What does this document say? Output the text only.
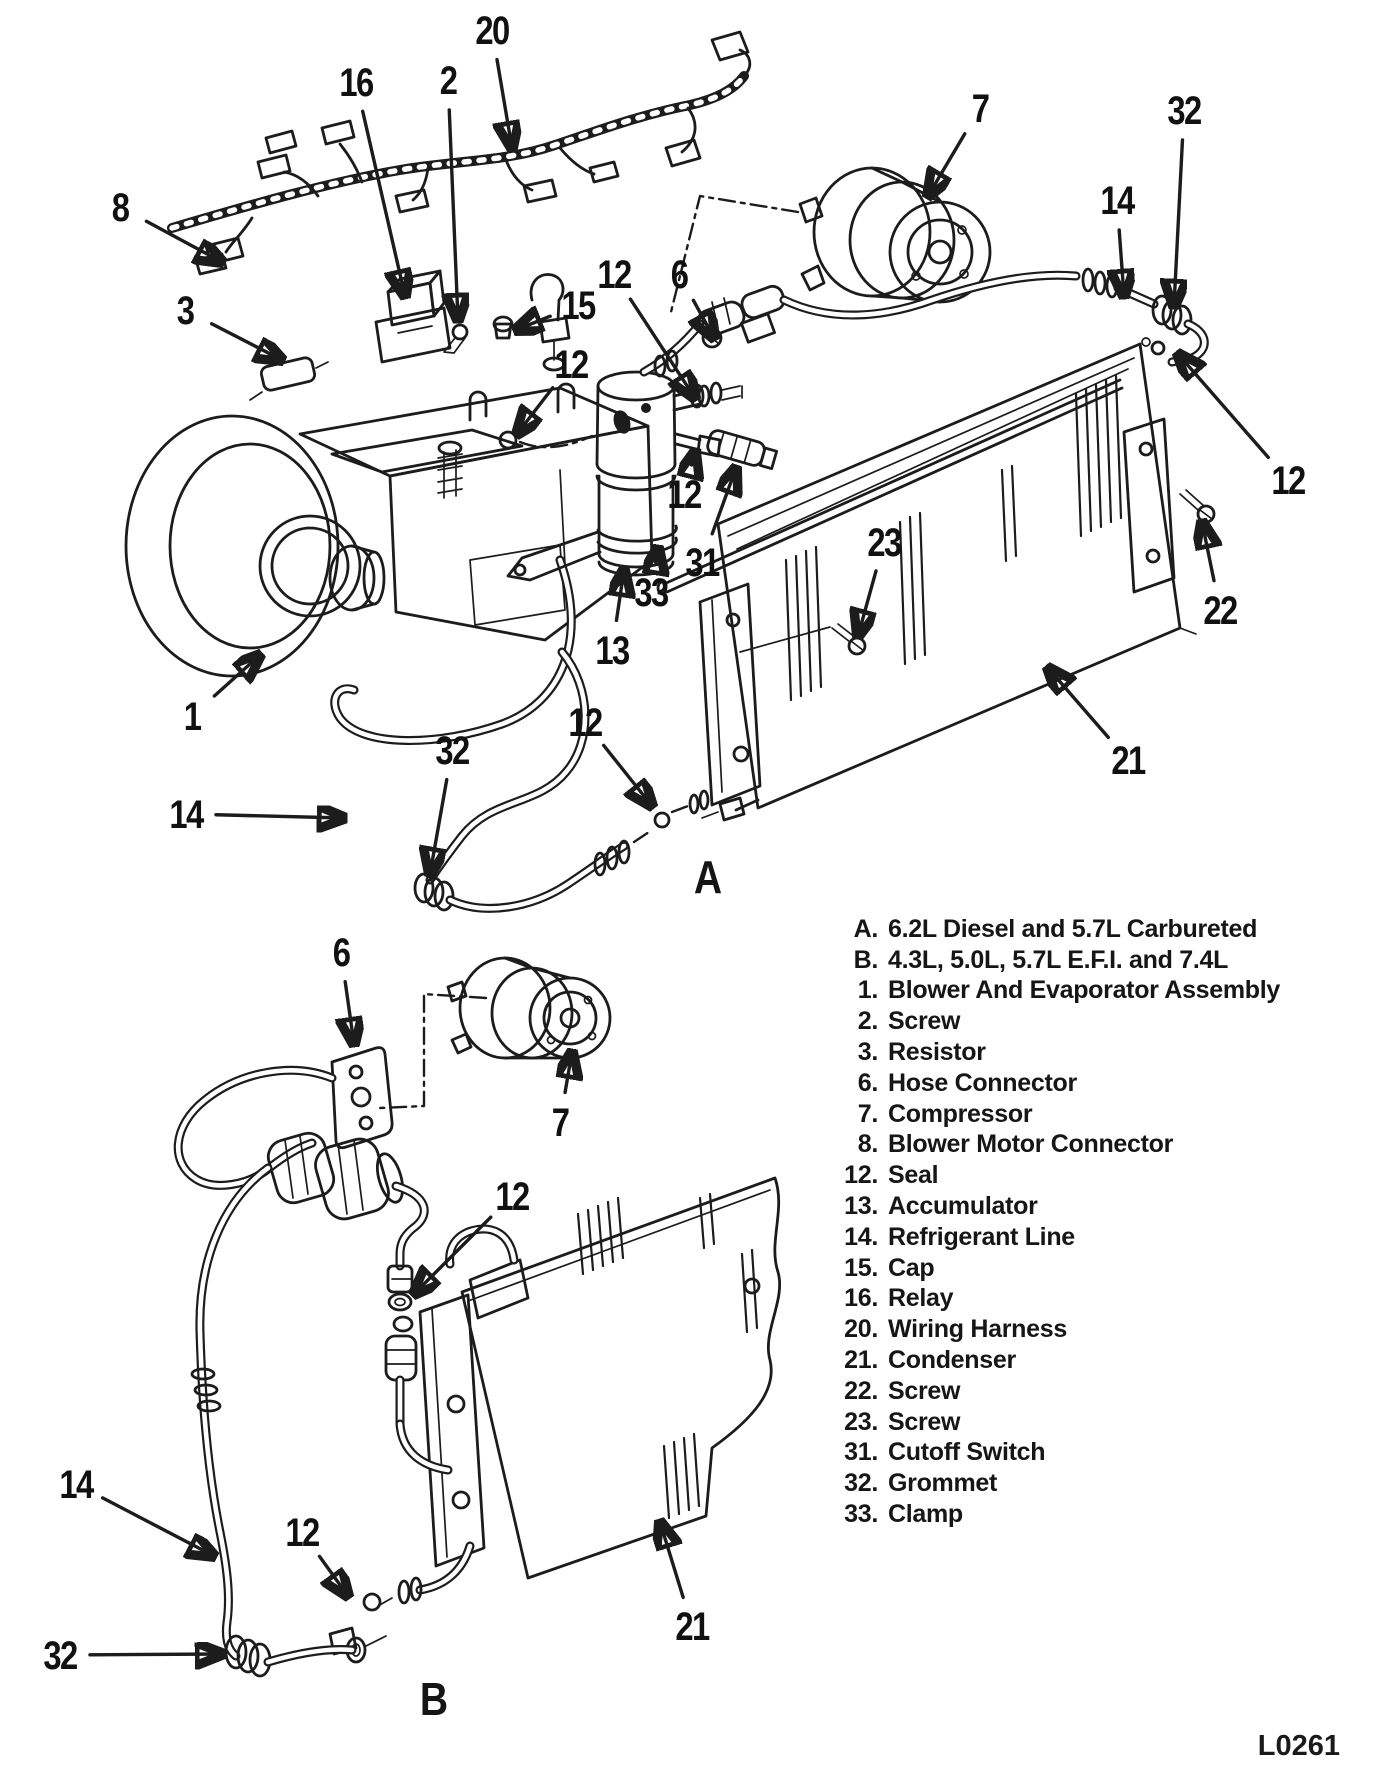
20
16 2
8
3	15
12 6
7	32
14
12
12
12
31
33
13
1
23
22
21
14
32
12
6
7
12
14
12
32
21
A. 6.2L Diesel and 5.7L Carbureted
B. 4.3L, 5.0L, 5.7L E.F.I. and 7.4L
1. Blower And Evaporator Assembly
2. Screw
3. Resistor
6. Hose Connector
7. Compressor
8. Blower Motor Connector
12. Seal
13. Accumulator
14. Refrigerant Line
15. Cap
16. Relay
20. Wiring Harness
21. Condenser
22. Screw
23. Screw
31. Cutoff Switch
32. Grommet
33. Clamp
A
B
L0261
